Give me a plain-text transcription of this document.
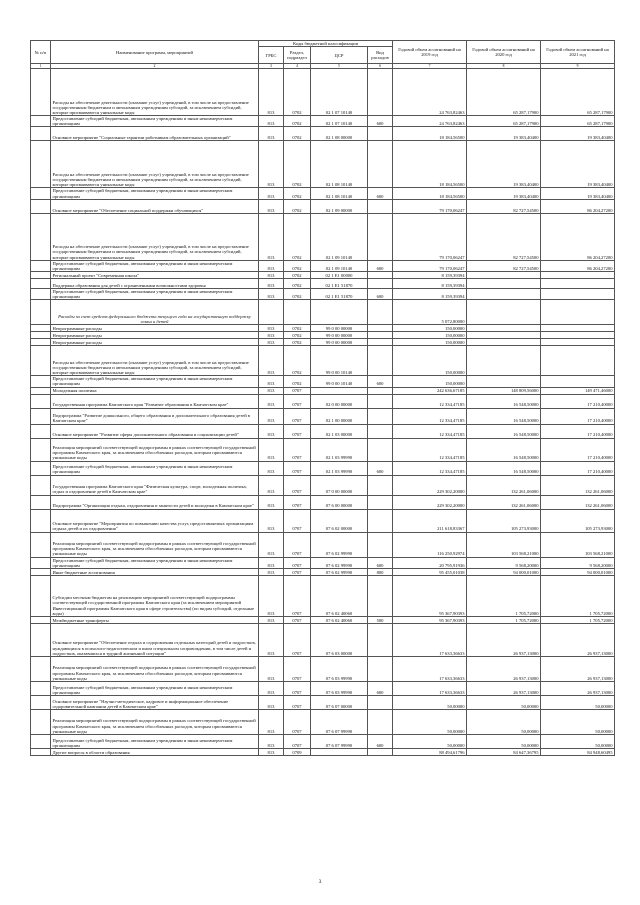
№ п/п	Наименование программ, мероприятий	Коды бюджетной классификации				Годовой объем ассигнований на 2019 год	Годовой объем ассигнований на 2020 год	Годовой объем ассигнований на 2021 год
		ГРБС	Раздел, подраздел	ЦСР	Вид расходов			
1	2	3	4	5	6	7	8	9
	Расходы на обеспечение деятельности (оказание услуг) учреждений, в том числе на предоставление государственным бюджетным и автономным учреждениям субсидий, за исключением субсидий, которые присваиваются уникальные коды	813	0702	02 1 07 10140		24 763,82463	65 287,17900	65 287,17900
	Предоставление субсидий бюджетным, автономным учреждениям и иным некоммерческим организациям	813	0702	02 1 07 10140	600	24 763,82463	65 287,17900	65 287,17900
	Основное мероприятие "Социальные гарантии работникам образовательных организаций"	813	0702	02 1 08 00000		18 184,56500	19 383,40400	19 383,40400
	Расходы на обеспечение деятельности (оказание услуг) учреждений, в том числе на предоставление государственным бюджетным и автономным учреждениям субсидий, за исключением субсидий, которые присваиваются уникальные коды	813	0702	02 1 08 10140		18 184,56500	19 383,40400	19 383,40400
	Предоставление субсидий бюджетным, автономным учреждениям и иным некоммерческим организациям	813	0702	02 1 08 10140	600	18 184,56500	19 383,40400	19 383,40400
	Основное мероприятие "Обеспечение социальной поддержки обучающихся"	813	0702	02 1 09 00000		79 170,06247	82 727,54500	86 204,27200
	Расходы на обеспечение деятельности (оказание услуг) учреждений, в том числе на предоставление государственным бюджетным и автономным учреждениям субсидий, за исключением субсидий, которые присваиваются уникальные коды	813	0702	02 1 09 10140		79 170,06247	82 727,54500	86 204,27200
	Предоставление субсидий бюджетным, автономным учреждениям и иным некоммерческим организациям	813	0702	02 1 09 10140	600	79 170,06247	82 727,54500	86 204,27200
	Региональный проект "Современная школа"	813	0702	02 1 E1 00000		8 159,39394		
	Поддержка образования для детей с ограниченными возможностями здоровья	813	0702	02 1 E1 51870		8 159,39394		
	Предоставление субсидий бюджетным, автономным учреждениям и иным некоммерческим организациям	813	0702	02 1 E1 51870	600	8 159,39394		
	Расходы за счет средств федерального бюджета текущего года на государственную поддержку семьи и детей					5 072,80000		
	Непрограммные расходы	813	0702	99 0 00 00000		150,00000		
	Непрограммные расходы	813	0702	99 0 00 00000		150,00000		
	Непрограммные расходы	813	0702	99 0 00 00000		150,00000		
	Расходы на обеспечение деятельности (оказание услуг) учреждений, в том числе на предоставление государственным бюджетным и автономным учреждениям субсидий, за исключением субсидий, которые присваиваются уникальные коды	813	0702	99 0 00 10140		150,00000		
	Предоставление субсидий бюджетным, автономным учреждениям и иным некоммерческим организациям	813	0702	99 0 00 10140	600	150,00000		
	Молодежная политика	813	0707			242 636,67185	148 809,56000	149 471,46000
	Государственная программа Камчатского края "Развитие образования в Камчатском крае"	813	0707	02 0 00 00000		12 334,47185	16 548,50000	17 210,40000
	Подпрограмма "Развитие дошкольного, общего образования и дополнительного образования детей в Камчатском крае"	813	0707	02 1 00 00000		12 334,47185	16 548,50000	17 210,40000
	Основное мероприятие "Развитие сферы дополнительного образования и социализации детей"	813	0707	02 1 03 00000		12 334,47185	16 548,50000	17 210,40000
	Реализация мероприятий соответствующей подпрограммы в рамках соответствующей государственной программы Камчатского края, за исключением обособленных расходов, которым присваиваются уникальные коды	813	0707	02 1 03 99990		12 334,47185	16 548,50000	17 210,40000
	Предоставление субсидий бюджетным, автономным учреждениям и иным некоммерческим организациям	813	0707	02 1 03 99990	600	12 334,47185	16 548,50000	17 210,40000
	Государственная программа Камчатского края "Физическая культура, спорт, молодежная политика, отдых и оздоровление детей в Камчатском крае"	813	0707	07 0 00 00000		229 302,20000	132 261,06000	132 261,06000
	Подпрограмма "Организация отдыха, оздоровления и занятости детей и молодежи в Камчатском крае"	813	0707	07 6 00 00000		229 302,20000	132 261,06000	132 261,06000
	Основное мероприятие "Мероприятия по повышению качества услуг, предоставляемых организациям отдыха детей и их оздоровления"	813	0707	07 6 02 00000		211 618,83367	105 273,93000	105 273,93000
	Реализация мероприятий соответствующей подпрограммы в рамках соответствующей государственной программы Камчатского края, за исключением обособленных расходов, которым присваиваются уникальные коды	813	0707	07 6 02 99990		116 250,92974	103 568,21000	103 568,21000
	Предоставление субсидий бюджетным, автономным учреждениям и иным некоммерческим организациям	813	0707	07 6 02 99990	600	20 795,91936	9 568,20000	9 568,20000
	Иные бюджетные ассигнования	813	0707	07 6 02 99990	800	95 455,01038	94 000,01000	94 000,01000
	Субсидии местным бюджетам на реализацию мероприятий соответствующей подпрограммы соответствующей государственной программы Камчатского края (за исключением мероприятий Инвестиционной программы Камчатского края в сфере строительства) (по видам субсидий, отдельные коды)	813	0707	07 6 02 40060		95 367,90393	1 705,72000	1 705,72000
	Межбюджетные трансферты	813	0707	07 6 02 40060	500	95 367,90393	1 705,72000	1 705,72000
	Основное мероприятие "Обеспечение отдыха и оздоровления отдельных категорий детей и подростков, нуждающихся в психолого-педагогическом и ином специальном сопровождении, в том числе детей и подростков, оказавшихся в трудной жизненной ситуации"	813	0707	07 6 03 00000		17 633,36633	26 937,13000	26 937,13000
	Реализация мероприятий соответствующей подпрограммы в рамках соответствующей государственной программы Камчатского края, за исключением обособленных расходов, которым присваиваются уникальные коды	813	0707	07 6 03 99990		17 633,36633	26 937,13000	26 937,13000
	Предоставление субсидий бюджетным, автономным учреждениям и иным некоммерческим организациям	813	0707	07 6 03 99990	600	17 633,36633	26 937,13000	26 937,13000
	Основное мероприятие "Научно-методическое, кадровое и информационное обеспечение оздоровительной кампании детей в Камчатском крае"	813	0707	07 6 07 00000		50,00000	50,00000	50,00000
	Реализация мероприятий соответствующей подпрограммы в рамках соответствующей государственной программы Камчатского края, за исключением обособленных расходов, которым присваиваются уникальные коды	813	0707	07 6 07 99990		50,00000	50,00000	50,00000
	Предоставление субсидий бюджетным, автономным учреждениям и иным некоммерческим организациям	813	0707	07 6 07 99990	600	50,00000	50,00000	50,00000
	Другие вопросы в области образования	813	0709			88 494,61796	84 647,36795	84 948,60495
3
